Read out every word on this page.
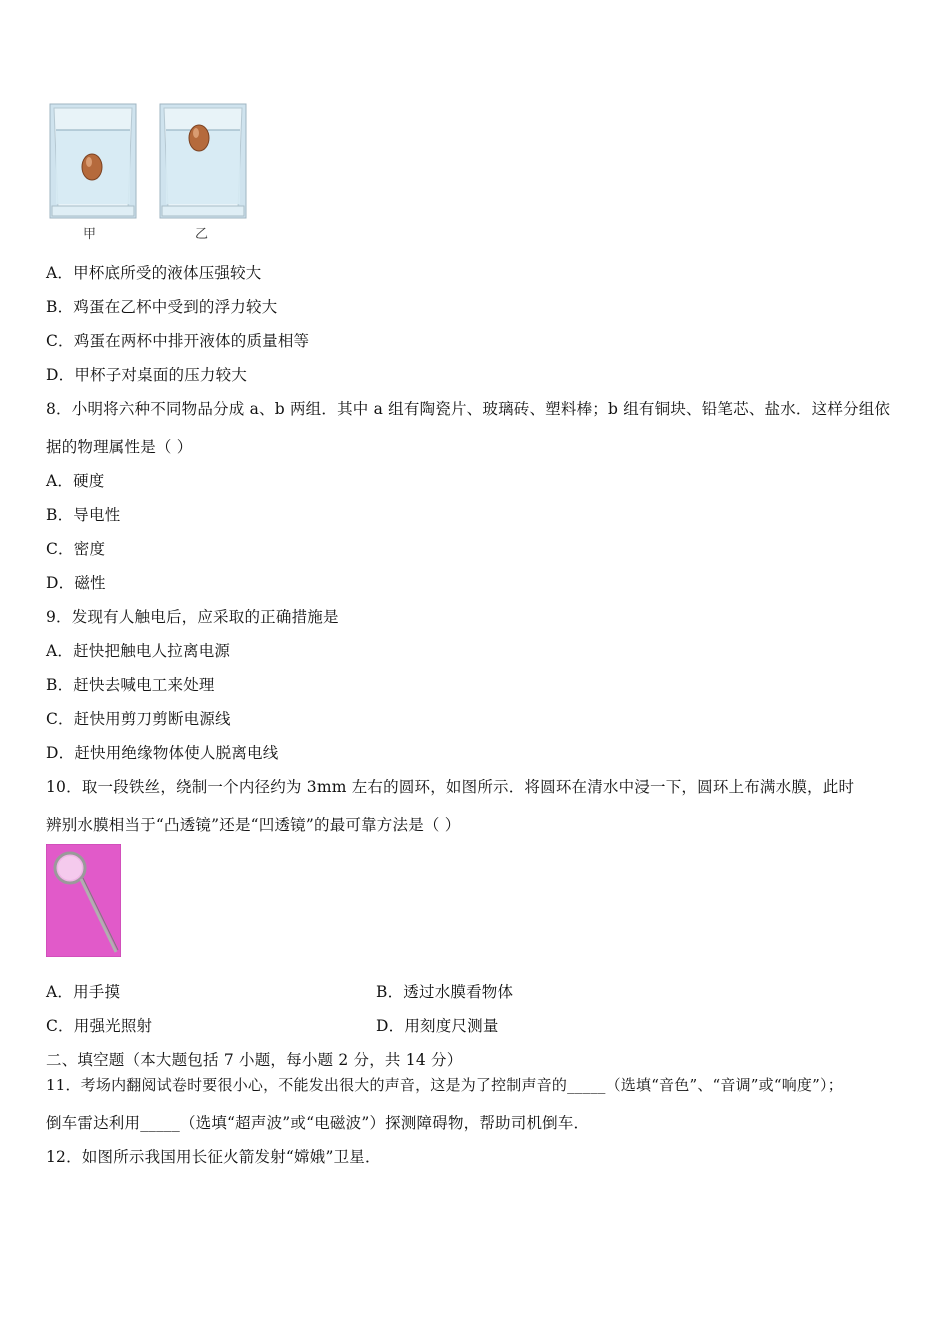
甲	乙
A．甲杯底所受的液体压强较大
B．鸡蛋在乙杯中受到的浮力较大
C．鸡蛋在两杯中排开液体的质量相等
D．甲杯子对桌面的压力较大
8．小明将六种不同物品分成 a、b 两组．其中 a 组有陶瓷片、玻璃砖、塑料棒；b 组有铜块、铅笔芯、盐水．这样分组依
据的物理属性是（ ）
A．硬度
B．导电性
C．密度
D．磁性
9．发现有人触电后，应采取的正确措施是
A．赶快把触电人拉离电源
B．赶快去喊电工来处理
C．赶快用剪刀剪断电源线
D．赶快用绝缘物体使人脱离电线
10．取一段铁丝，绕制一个内径约为 3mm 左右的圆环，如图所示．将圆环在清水中浸一下，圆环上布满水膜，此时
辨别水膜相当于“凸透镜”还是“凹透镜”的最可靠方法是（ ）
A．用手摸	B．透过水膜看物体
C．用强光照射	D．用刻度尺测量
二、填空题（本大题包括 7 小题，每小题 2 分，共 14 分）
11．考场内翻阅试卷时要很小心，不能发出很大的声音，这是为了控制声音的_____（选填“音色”、“音调”或“响度”）；
倒车雷达利用_____（选填“超声波”或“电磁波”）探测障碍物，帮助司机倒车．
12．如图所示我国用长征火箭发射“嫦娥”卫星．
